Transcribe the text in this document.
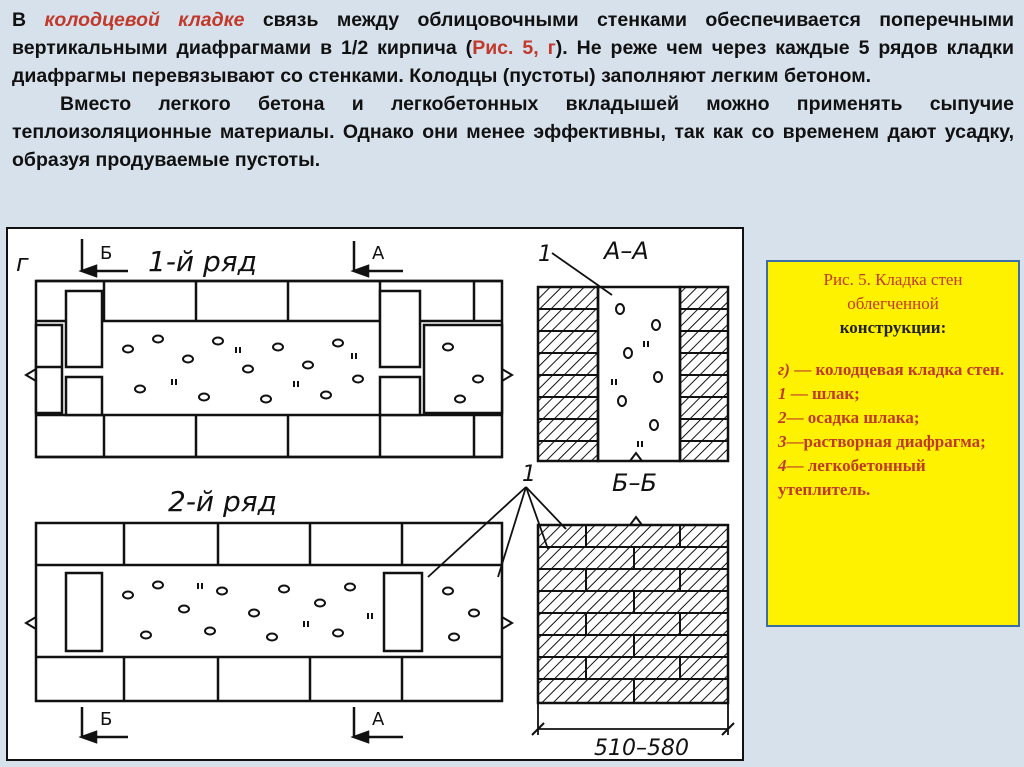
В колодцевой кладке связь между облицовочными стенками обеспечивается поперечными вертикальными диафрагмами в 1/2 кирпича (Рис. 5, г). Не реже чем через каждые 5 рядов кладки диафрагмы перевязывают со стенками. Колодцы (пустоты) заполняют легким бетоном.

Вместо легкого бетона и легкобетонных вкладышей можно применять сыпучие теплоизоляционные материалы. Однако они менее эффективны, так как со временем дают усадку, образуя продуваемые пустоты.

г	Б 1-й ряд	А
2-й ряд
Б	А
1
1 А–А
Б–Б
510–580
Рис. 5. Кладка стен
облегченной
конструкции:
г) — колодцевая кладка стен.
1 — шлак;
2— осадка шлака;
3—растворная диафрагма;
4— легкобетонный утеплитель.
